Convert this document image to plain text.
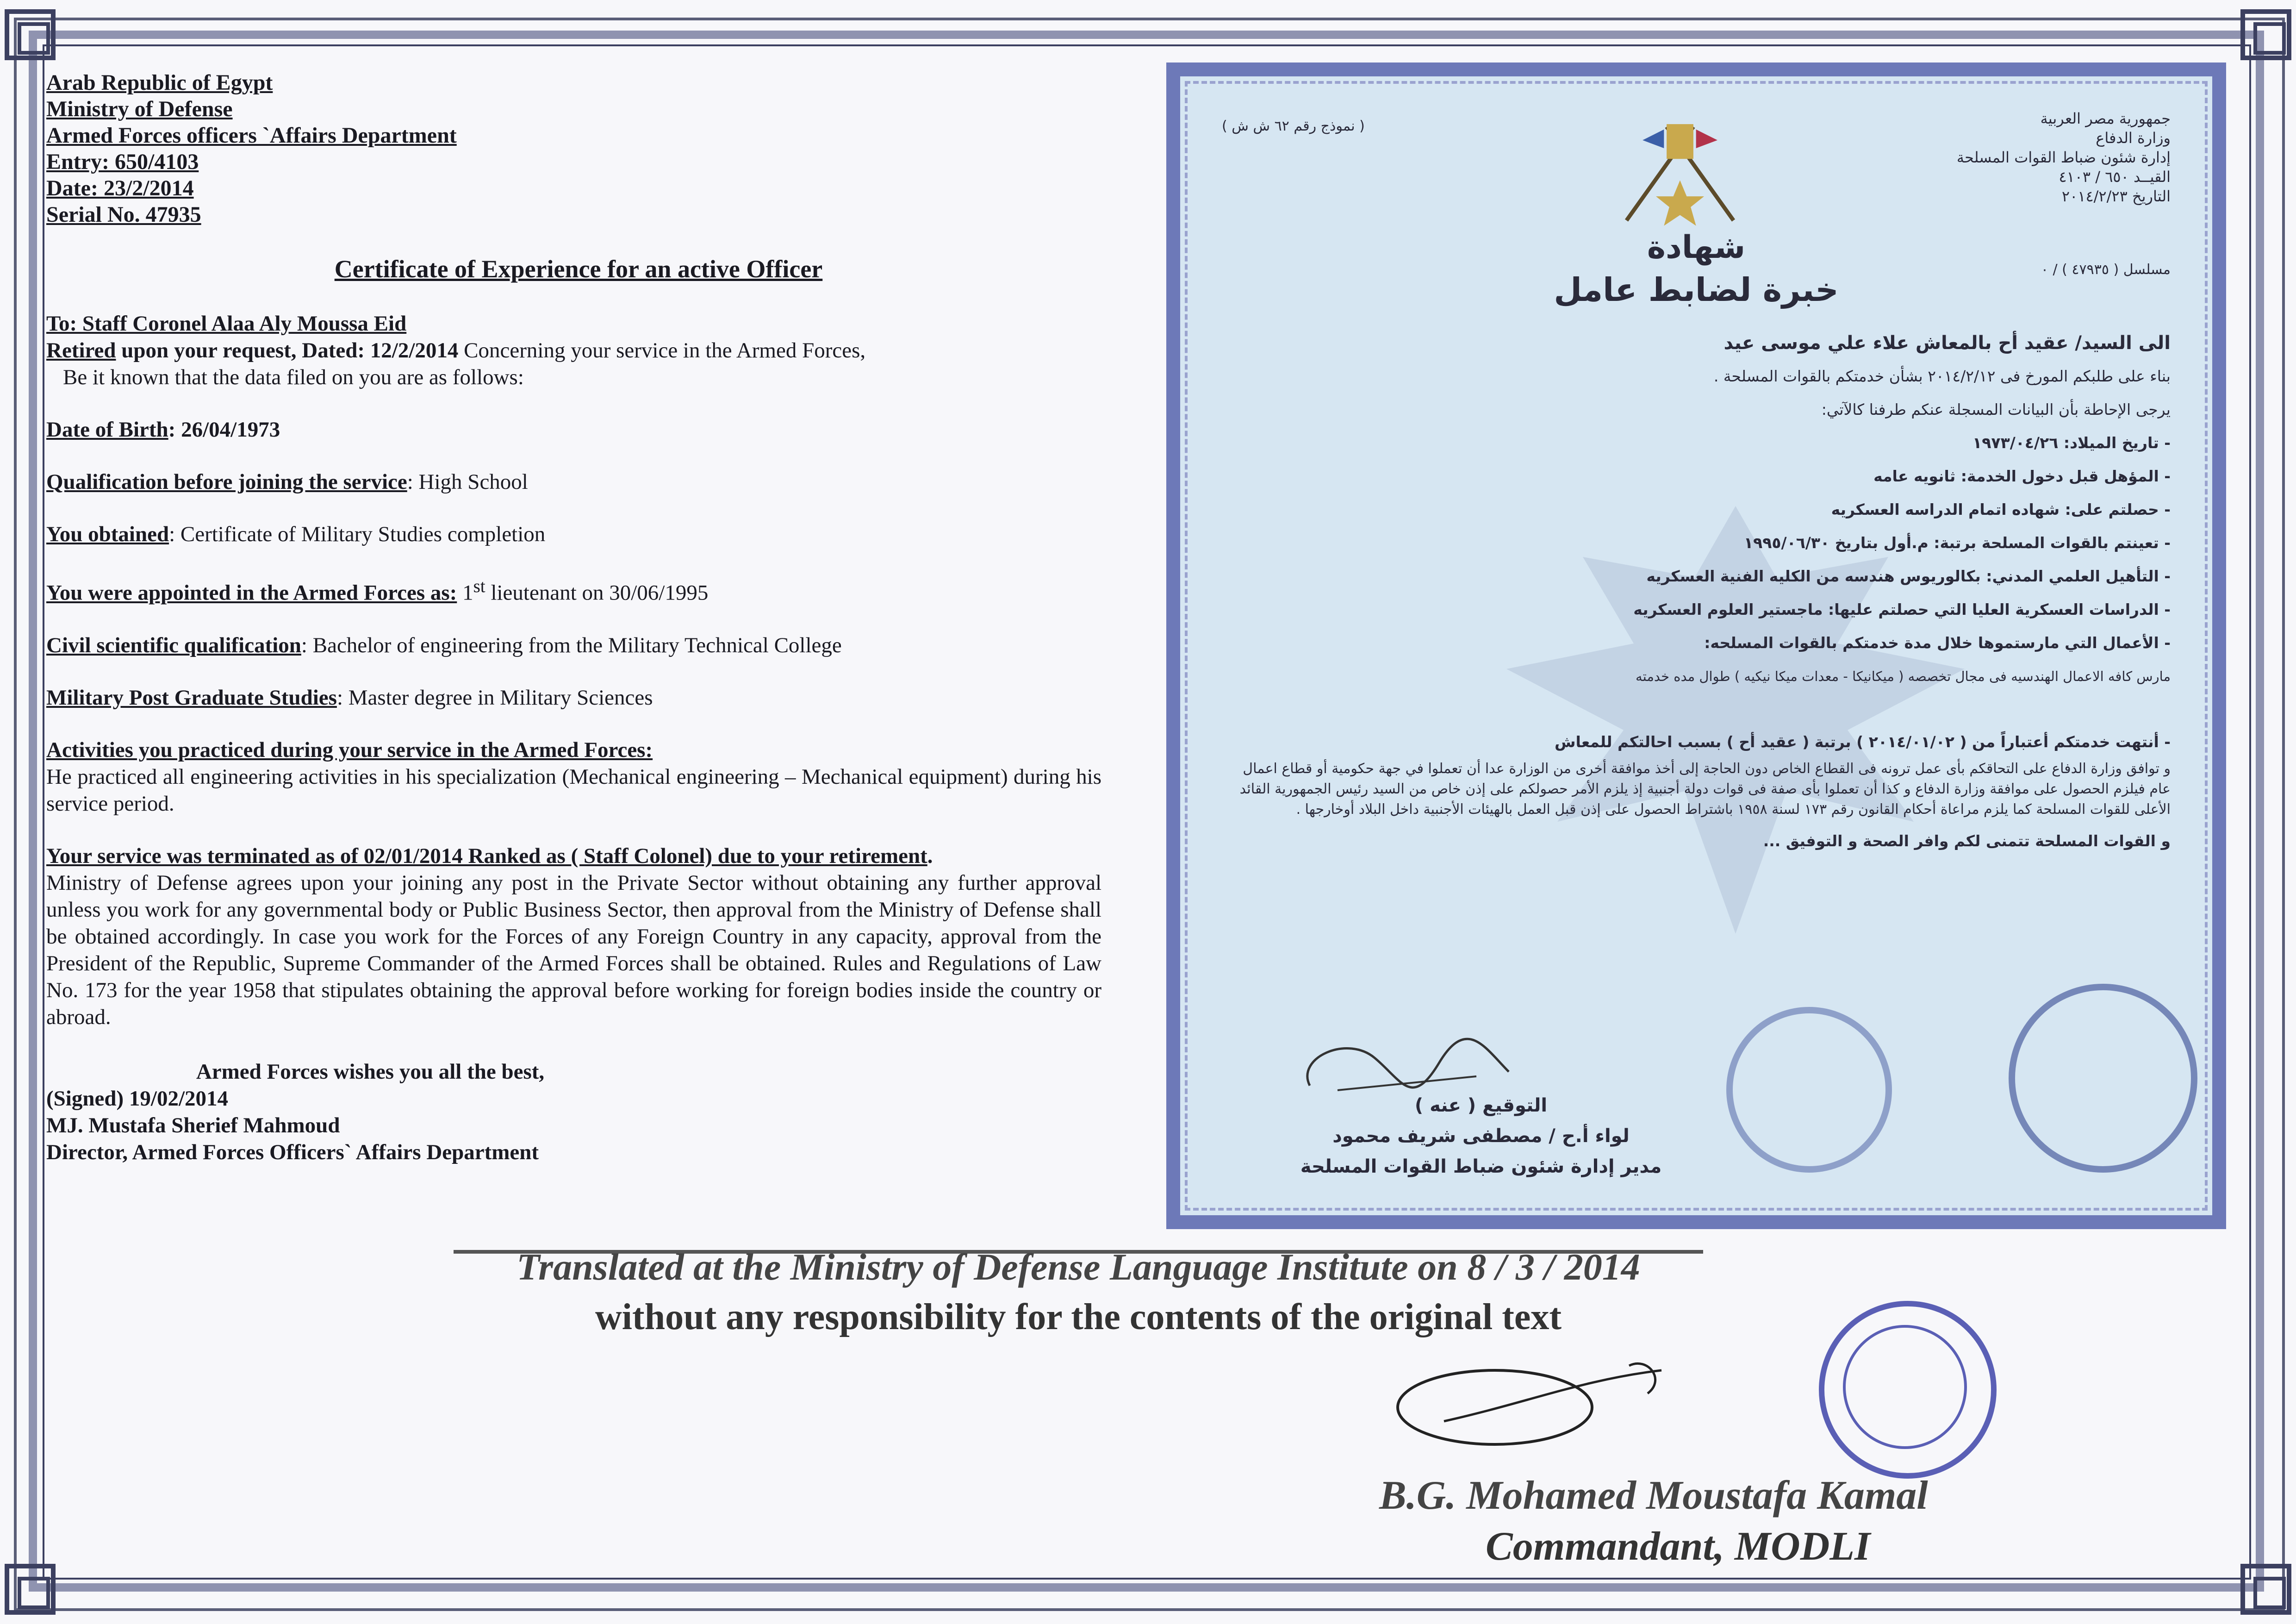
Arab Republic of Egypt
Ministry of Defense
Armed Forces officers `Affairs Department
Entry: 650/4103
Date: 23/2/2014
Serial No. 47935
Certificate of Experience for an active Officer
To: Staff Coronel Alaa Aly Moussa Eid
Retired upon your request, Dated: 12/2/2014 Concerning your service in the Armed Forces,
Be it known that the data filed on you are as follows:
Date of Birth: 26/04/1973
Qualification before joining the service: High School
You obtained: Certificate of Military Studies completion
You were appointed in the Armed Forces as: 1st lieutenant on 30/06/1995
Civil scientific qualification: Bachelor of engineering from the Military Technical College
Military Post Graduate Studies: Master degree in Military Sciences
Activities you practiced during your service in the Armed Forces:
He practiced all engineering activities in his specialization (Mechanical engineering – Mechanical equipment) during his service period.
Your service was terminated as of 02/01/2014 Ranked as ( Staff Colonel) due to your retirement.
Ministry of Defense agrees upon your joining any post in the Private Sector without obtaining any further approval unless you work for any governmental body or Public Business Sector, then approval from the Ministry of Defense shall be obtained accordingly. In case you work for the Forces of any Foreign Country in any capacity, approval from the President of the Republic, Supreme Commander of the Armed Forces shall be obtained. Rules and Regulations of Law No. 173 for the year 1958 that stipulates obtaining the approval before working for foreign bodies inside the country or abroad.
Armed Forces wishes you all the best,
(Signed) 19/02/2014
MJ. Mustafa Sherief Mahmoud
Director, Armed Forces Officers` Affairs Department
جمهورية مصر العربية
وزارة الدفاع
إدارة شئون ضباط القوات المسلحة
القيــد ٦٥٠ / ٤١٠٣
التاريخ ٢٠١٤/٢/٢٣
( نموذج رقم ٦٢ ش ش )
شهادة
خبرة لضابط عامل
مسلسل ( ٤٧٩٣٥ ) / ٠
الى السيد/ عقيد أح بالمعاش علاء علي موسى عيد
بناء على طلبكم المورخ فى ٢٠١٤/٢/١٢ بشأن خدمتكم بالقوات المسلحة .
يرجى الإحاطة بأن البيانات المسجلة عنكم طرفنا كالآتي:
- تاريخ الميلاد: ١٩٧٣/٠٤/٢٦
- المؤهل قبل دخول الخدمة: ثانويه عامه
- حصلتم على: شهاده اتمام الدراسه العسكريه
- تعينتم بالقوات المسلحة برتبة: م.أول بتاريخ ١٩٩٥/٠٦/٣٠
- التأهيل العلمي المدني: بكالوريوس هندسه من الكليه الفنية العسكريه
- الدراسات العسكرية العليا التي حصلتم عليها: ماجستير العلوم العسكريه
- الأعمال التي مارستموها خلال مدة خدمتكم بالقوات المسلحه:
مارس كافه الاعمال الهندسيه فى مجال تخصصه ( ميكانيكا - معدات ميكا نيكيه ) طوال مده خدمته
- أنتهت خدمتكم أعتباراً من ( ٢٠١٤/٠١/٠٢ ) برتبة ( عقيد أح ) بسبب احالتكم للمعاش
و توافق وزارة الدفاع على التحاقكم بأى عمل ترونه فى القطاع الخاص دون الحاجة إلى أخذ موافقة أخرى من الوزارة عدا أن تعملوا في جهة حكومية أو قطاع اعمال عام فيلزم الحصول على موافقة وزارة الدفاع و كذا أن تعملوا بأى صفة فى قوات دولة أجنبية إذ يلزم الأمر حصولكم على إذن خاص من السيد رئيس الجمهورية القائد الأعلى للقوات المسلحة كما يلزم مراعاة أحكام القانون رقم ١٧٣ لسنة ١٩٥٨ باشتراط الحصول على إذن قبل العمل بالهيئات الأجنبية داخل البلاد أوخارجها .
و القوات المسلحة تتمنى لكم وافر الصحة و التوفيق ...
التوقيع ( عنه )
لواء أ.ح / مصطفى شريف محمود
مدير إدارة شئون ضباط القوات المسلحة
Translated at the Ministry of Defense Language Institute on 8 / 3 / 2014
without any responsibility for the contents of the original text
B.G. Mohamed Moustafa Kamal
Commandant, MODLI
